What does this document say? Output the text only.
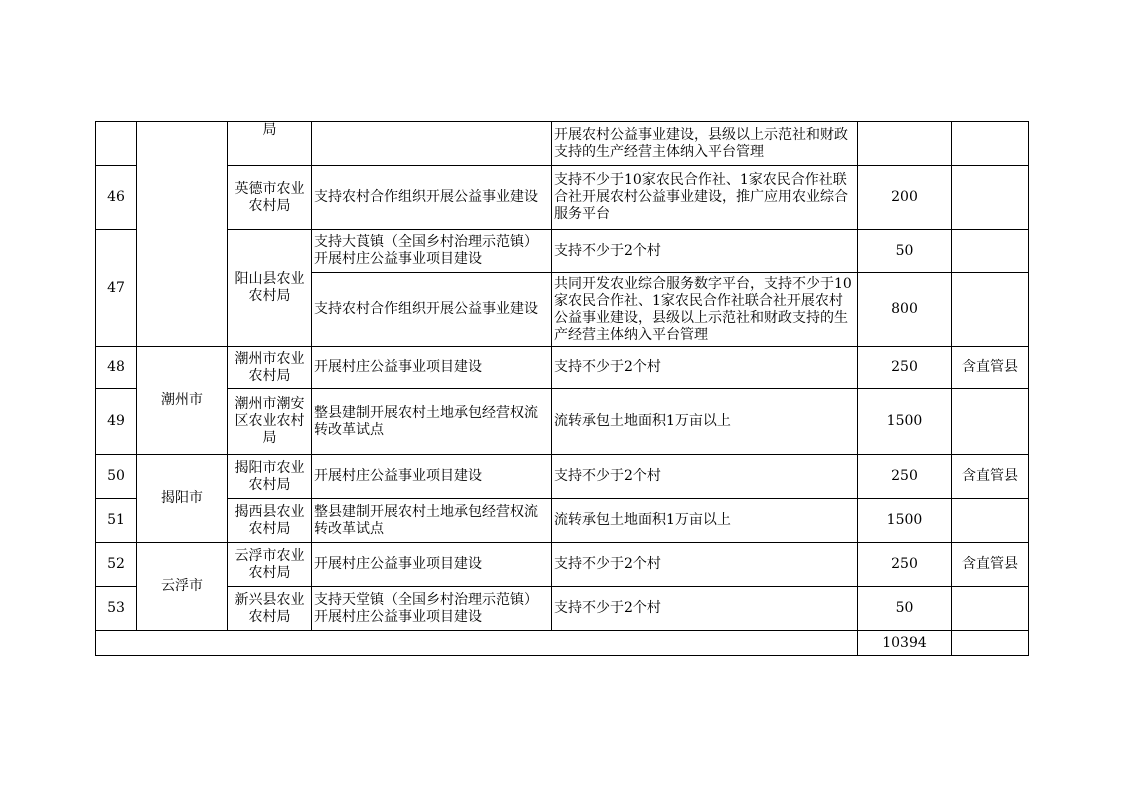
		局		开展农村公益事业建设，县级以上示范社和财政支持的生产经营主体纳入平台管理		
46		英德市农业农村局	支持农村合作组织开展公益事业建设	支持不少于10家农民合作社、1家农民合作社联合社开展农村公益事业建设，推广应用农业综合服务平台	200	
47		阳山县农业农村局	支持大莨镇（全国乡村治理示范镇）开展村庄公益事业项目建设	支持不少于2个村	50	
			支持农村合作组织开展公益事业建设	共同开发农业综合服务数字平台，支持不少于10家农民合作社、1家农民合作社联合社开展农村公益事业建设，县级以上示范社和财政支持的生产经营主体纳入平台管理	800	
48	潮州市	潮州市农业农村局	开展村庄公益事业项目建设	支持不少于2个村	250	含直管县
49		潮州市潮安区农业农村局	整县建制开展农村土地承包经营权流转改革试点	流转承包土地面积1万亩以上	1500	
50	揭阳市	揭阳市农业农村局	开展村庄公益事业项目建设	支持不少于2个村	250	含直管县
51		揭西县农业农村局	整县建制开展农村土地承包经营权流转改革试点	流转承包土地面积1万亩以上	1500	
52	云浮市	云浮市农业农村局	开展村庄公益事业项目建设	支持不少于2个村	250	含直管县
53		新兴县农业农村局	支持天堂镇（全国乡村治理示范镇）开展村庄公益事业项目建设	支持不少于2个村	50	
					10394	
